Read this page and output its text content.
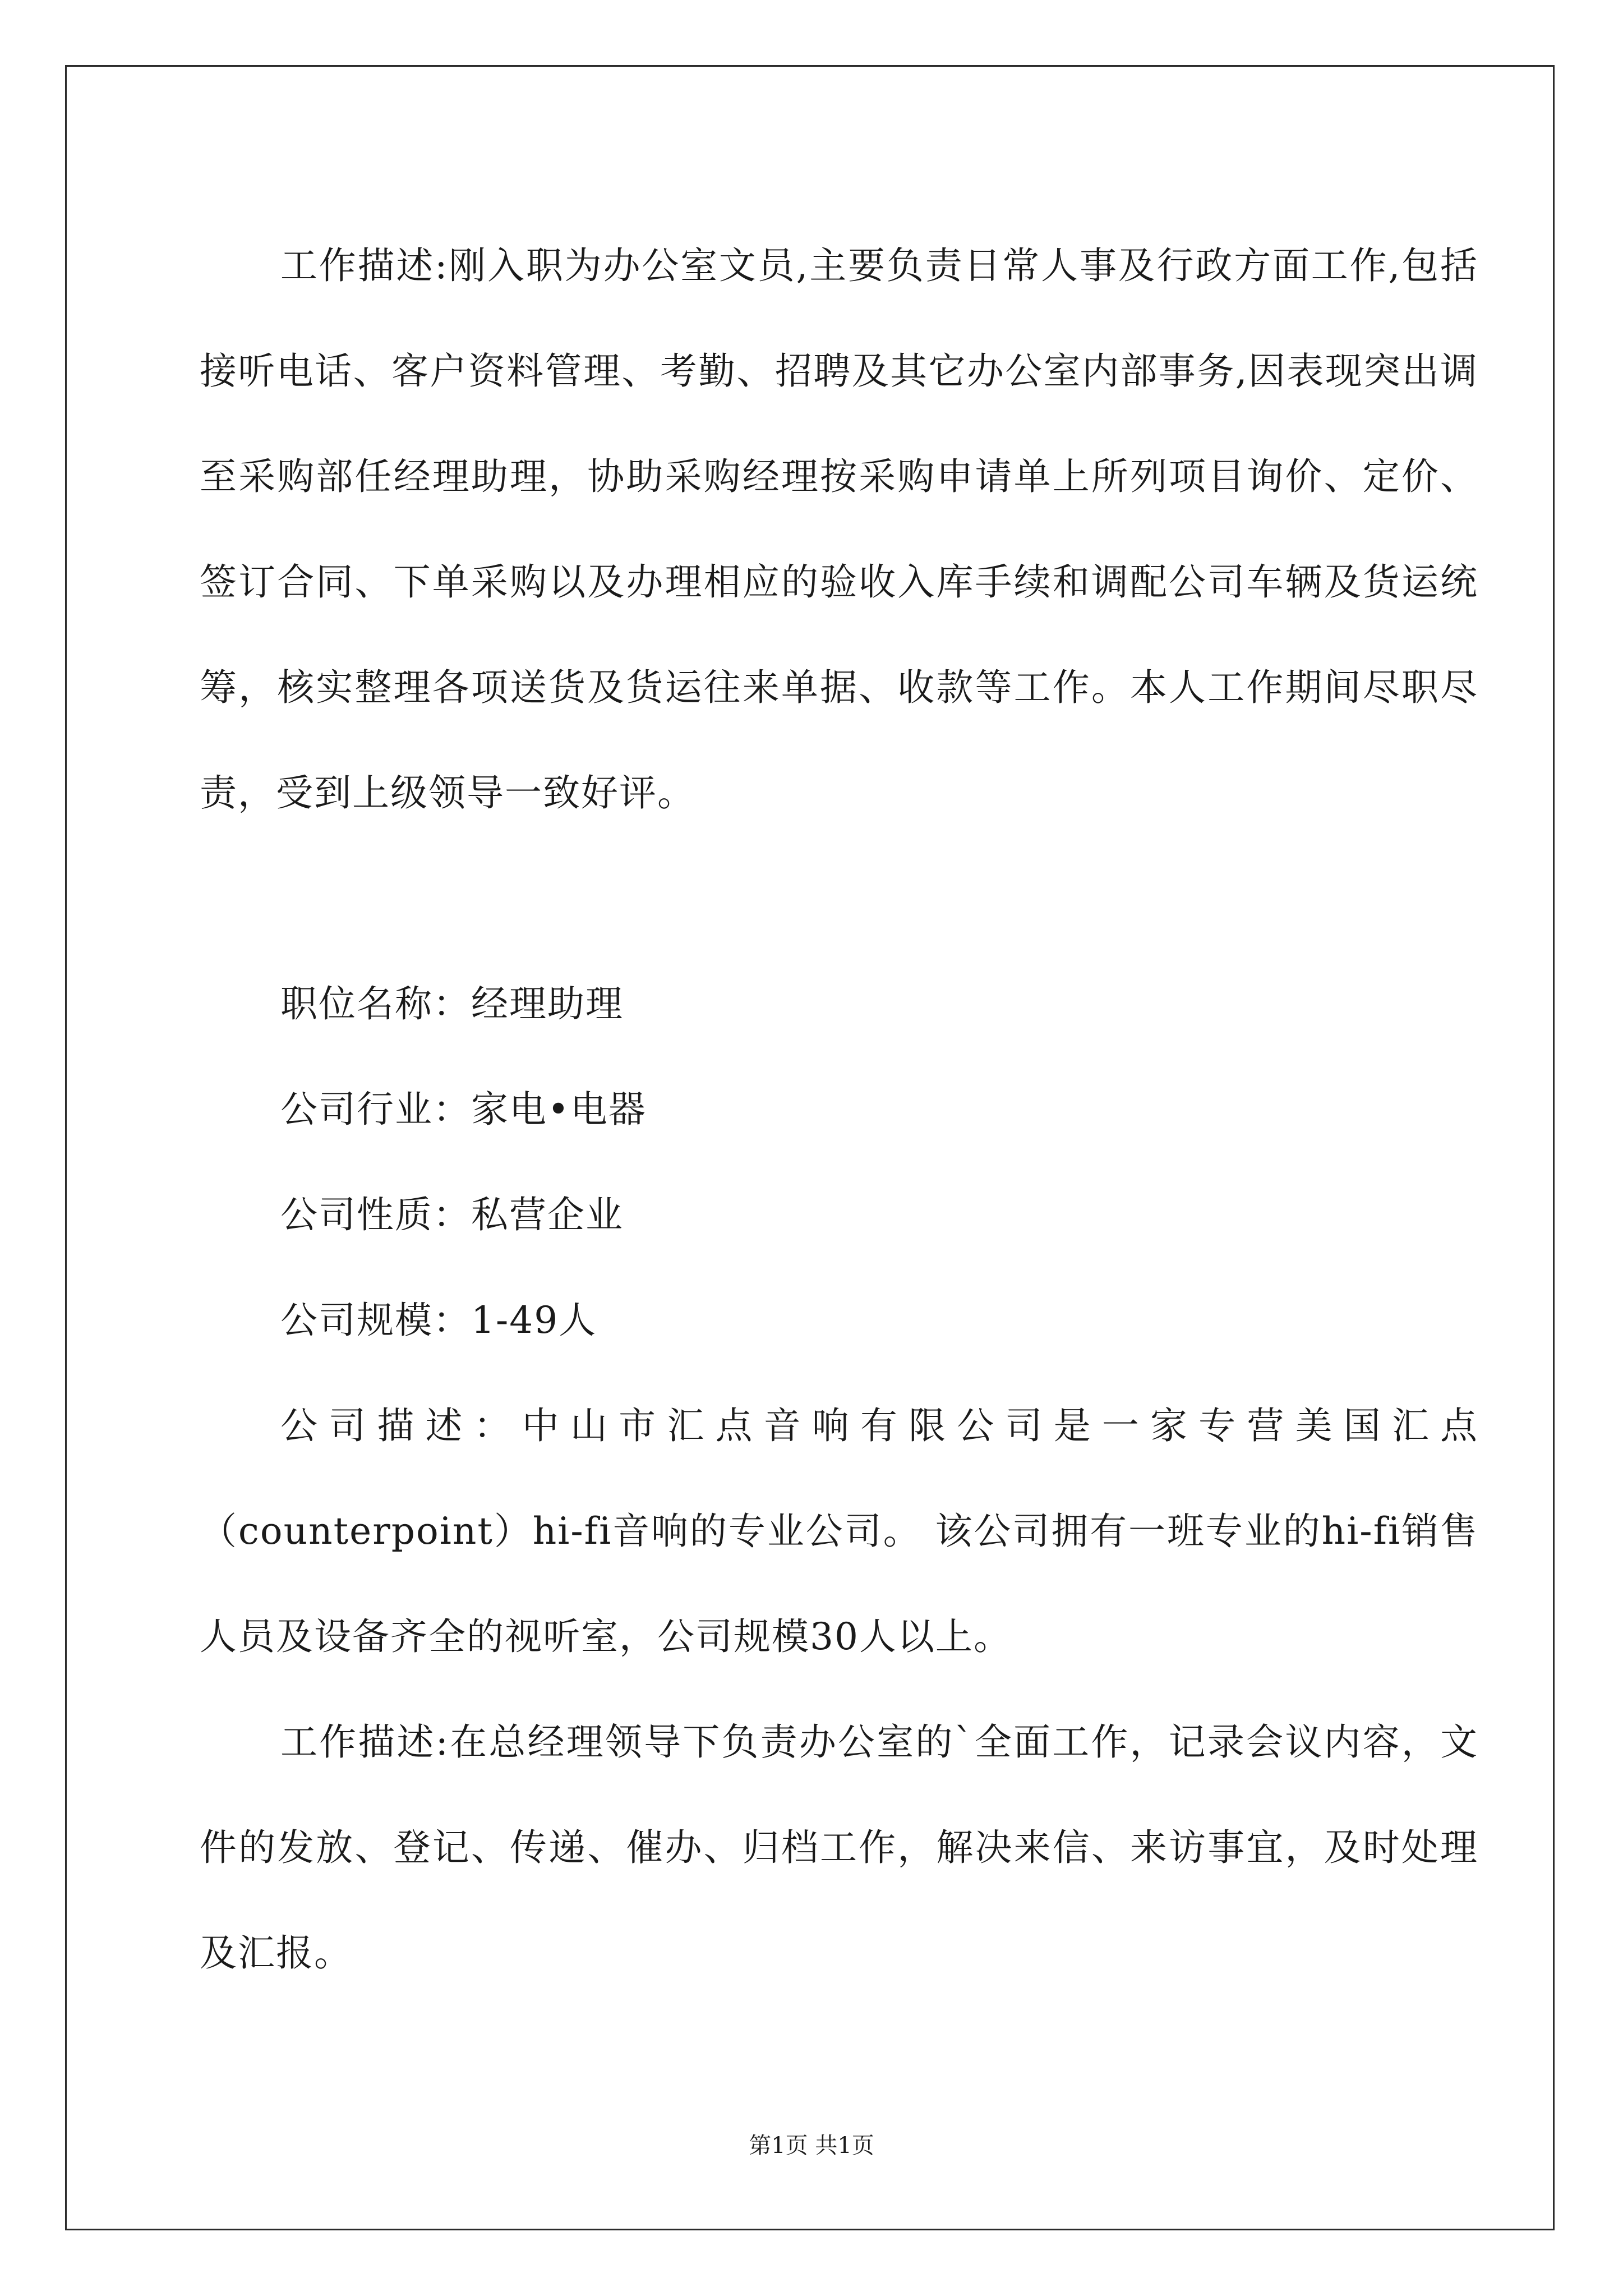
工作描述:刚入职为办公室文员,主要负责日常人事及行政方面工作,包括接听电话、客户资料管理、考勤、招聘及其它办公室内部事务,因表现突出调至采购部任经理助理，协助采购经理按采购申请单上所列项目询价、定价、签订合同、下单采购以及办理相应的验收入库手续和调配公司车辆及货运统筹，核实整理各项送货及货运往来单据、收款等工作。本人工作期间尽职尽责，受到上级领导一致好评。

职位名称：经理助理

公司行业：家电•电器

公司性质：私营企业

公司规模：1-49人

公司描述：中山市汇点音响有限公司是一家专营美国汇点（counterpoint）hi-fi音响的专业公司。 该公司拥有一班专业的hi-fi销售人员及设备齐全的视听室，公司规模30人以上。

工作描述:在总经理领导下负责办公室的`全面工作，记录会议内容，文件的发放、登记、传递、催办、归档工作，解决来信、来访事宜，及时处理及汇报。

第1页 共1页
